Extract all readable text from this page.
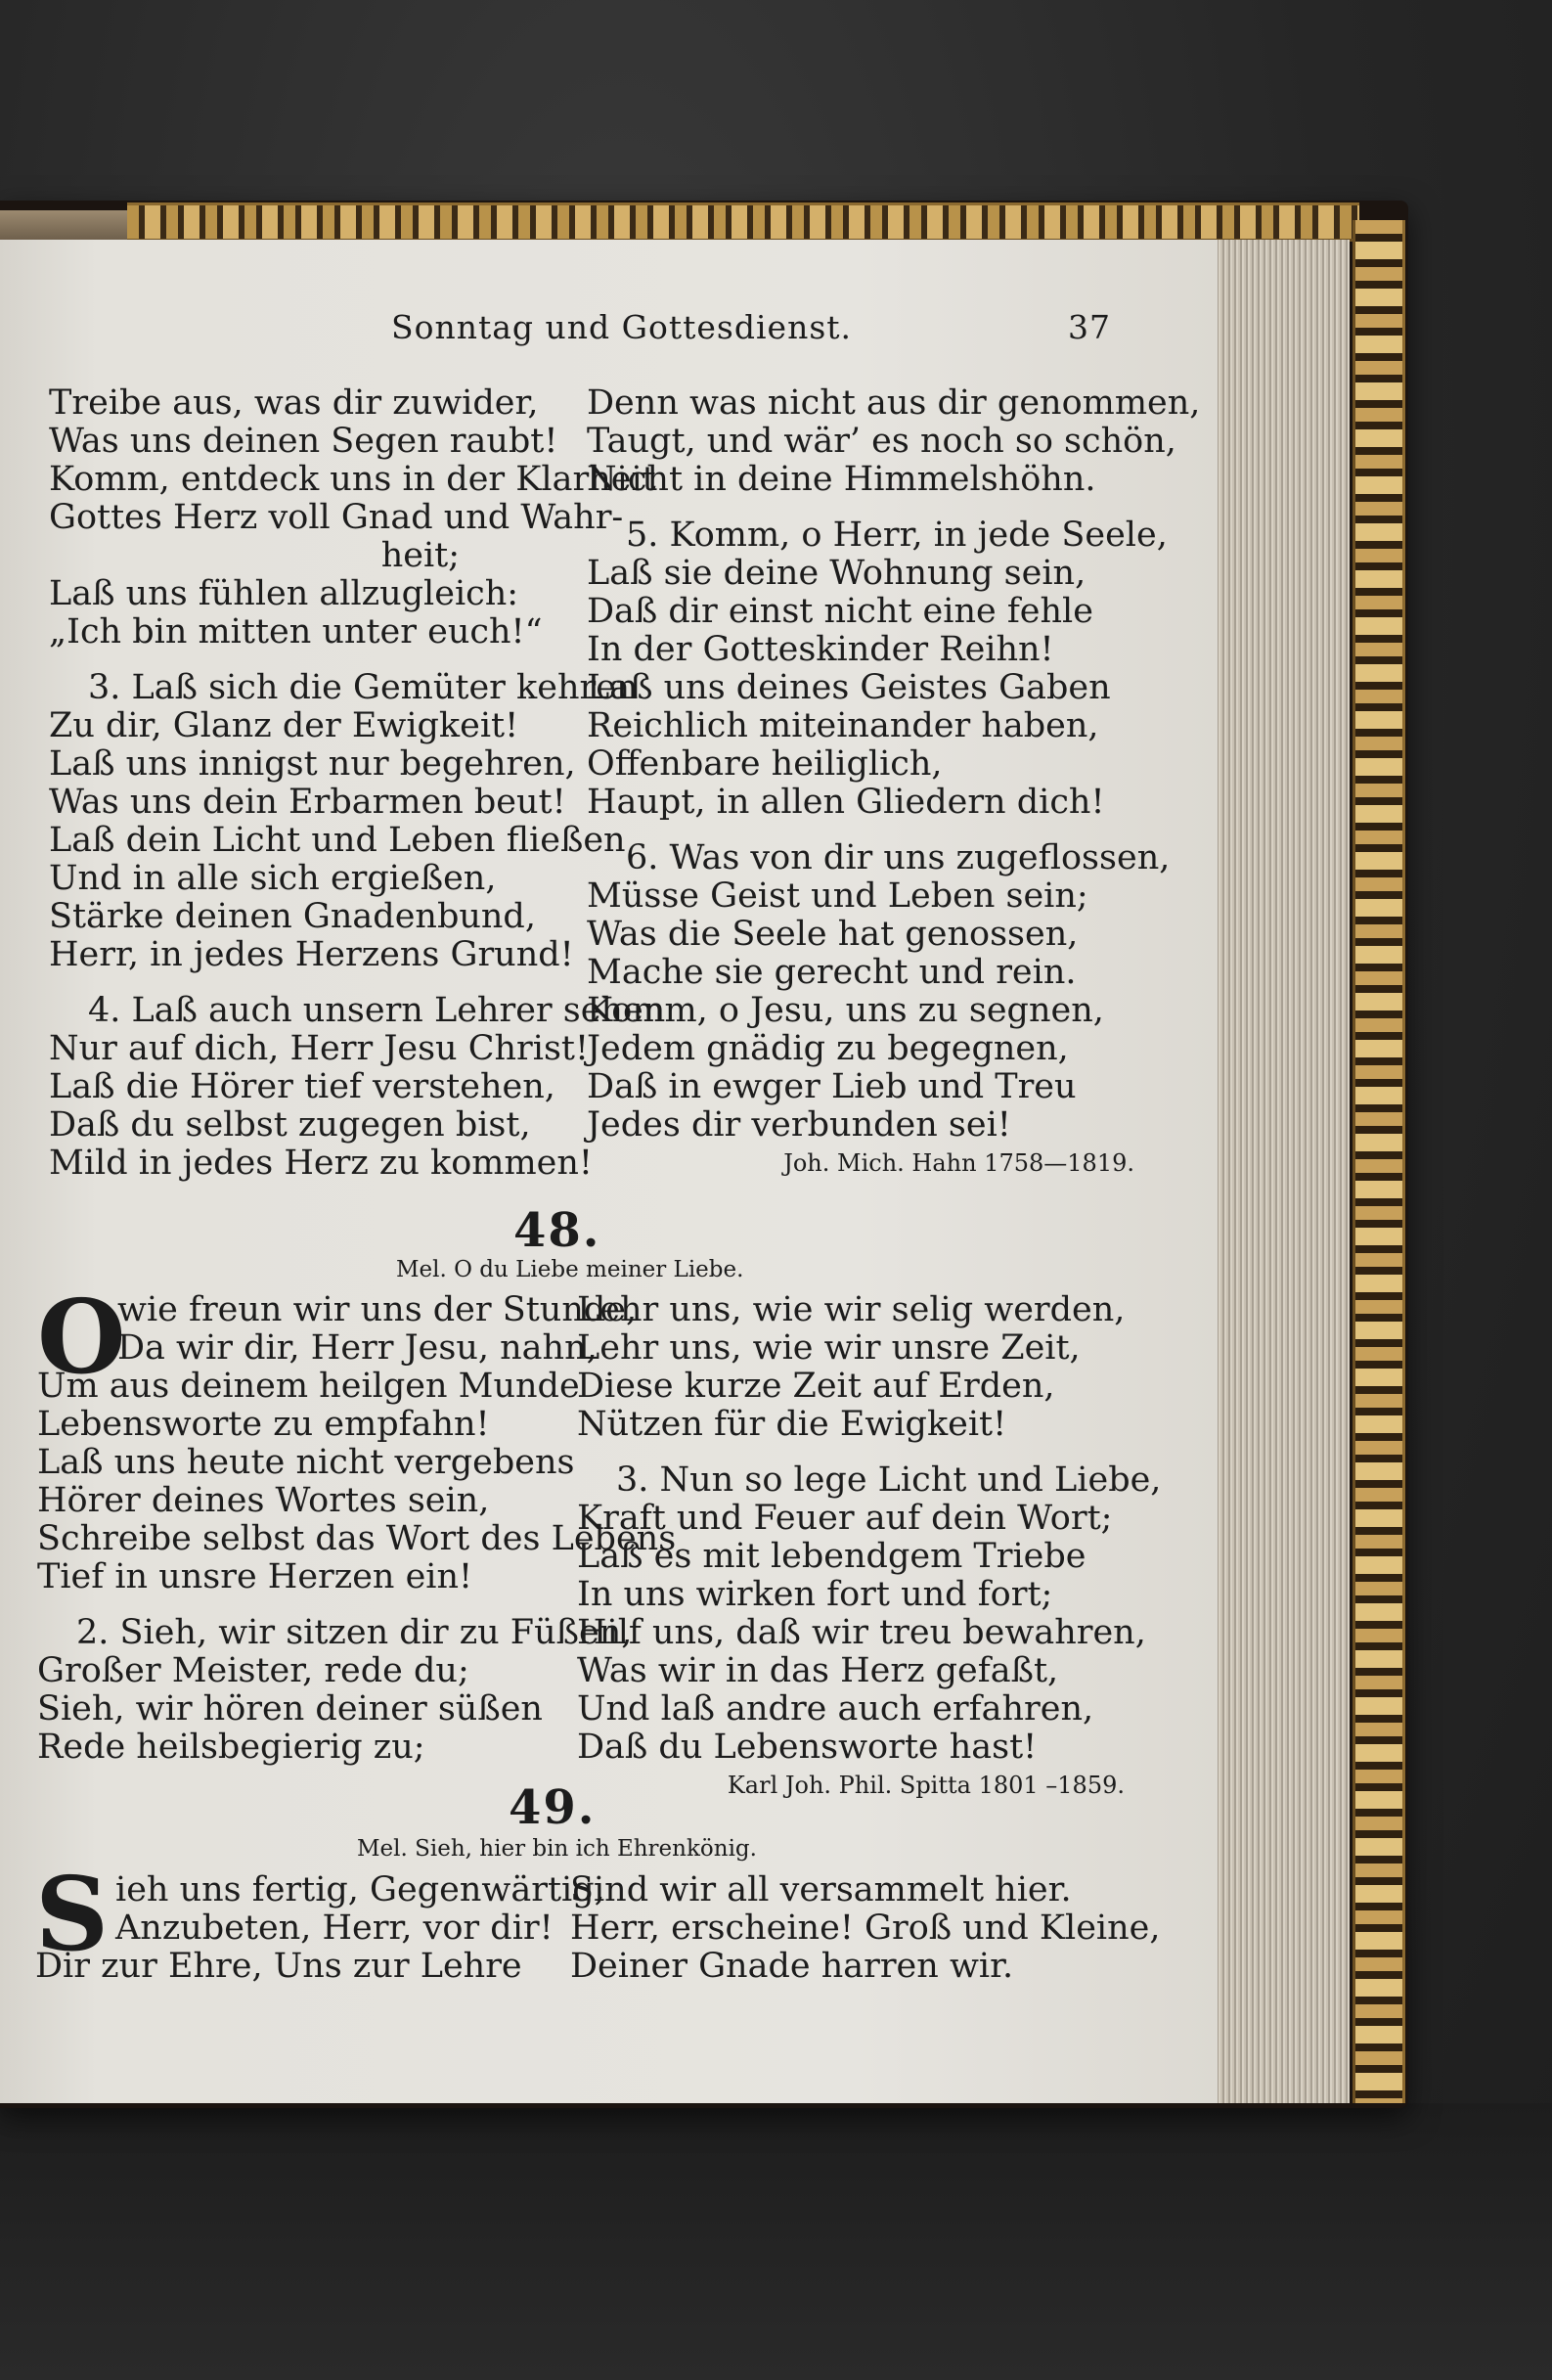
Sonntag und Gottesdienst.	37
Treibe aus, was dir zuwider,
Was uns deinen Segen raubt!
Komm, entdeck uns in der Klarheit
Gottes Herz voll Gnad und Wahr-
heit;
Laß uns fühlen allzugleich:
„Ich bin mitten unter euch!“
3. Laß sich die Gemüter kehren
Zu dir, Glanz der Ewigkeit!
Laß uns innigst nur begehren,
Was uns dein Erbarmen beut!
Laß dein Licht und Leben fließen
Und in alle sich ergießen,
Stärke deinen Gnadenbund,
Herr, in jedes Herzens Grund!
4. Laß auch unsern Lehrer sehen
Nur auf dich, Herr Jesu Christ!
Laß die Hörer tief verstehen,
Daß du selbst zugegen bist,
Mild in jedes Herz zu kommen!
Denn was nicht aus dir genommen,
Taugt, und wär’ es noch so schön,
Nicht in deine Himmelshöhn.
5. Komm, o Herr, in jede Seele,
Laß sie deine Wohnung sein,
Daß dir einst nicht eine fehle
In der Gotteskinder Reihn!
Laß uns deines Geistes Gaben
Reichlich miteinander haben,
Offenbare heiliglich,
Haupt, in allen Gliedern dich!
6. Was von dir uns zugeflossen,
Müsse Geist und Leben sein;
Was die Seele hat genossen,
Mache sie gerecht und rein.
Komm, o Jesu, uns zu segnen,
Jedem gnädig zu begegnen,
Daß in ewger Lieb und Treu
Jedes dir verbunden sei!
Joh. Mich. Hahn 1758—1819.
48.
Mel. O du Liebe meiner Liebe.
O
wie freun wir uns der Stunde,
Da wir dir, Herr Jesu, nahn,
Um aus deinem heilgen Munde
Lebensworte zu empfahn!
Laß uns heute nicht vergebens
Hörer deines Wortes sein,
Schreibe selbst das Wort des Lebens
Tief in unsre Herzen ein!
2. Sieh, wir sitzen dir zu Füßen,
Großer Meister, rede du;
Sieh, wir hören deiner süßen
Rede heilsbegierig zu;
Lehr uns, wie wir selig werden,
Lehr uns, wie wir unsre Zeit,
Diese kurze Zeit auf Erden,
Nützen für die Ewigkeit!
3. Nun so lege Licht und Liebe,
Kraft und Feuer auf dein Wort;
Laß es mit lebendgem Triebe
In uns wirken fort und fort;
Hilf uns, daß wir treu bewahren,
Was wir in das Herz gefaßt,
Und laß andre auch erfahren,
Daß du Lebensworte hast!
Karl Joh. Phil. Spitta 1801 –1859.
49.
Mel. Sieh, hier bin ich Ehrenkönig.
S ieh uns fertig, Gegenwärtig,
Anzubeten, Herr, vor dir!
Dir zur Ehre, Uns zur Lehre
Sind wir all versammelt hier.
Herr, erscheine! Groß und Kleine,
Deiner Gnade harren wir.
